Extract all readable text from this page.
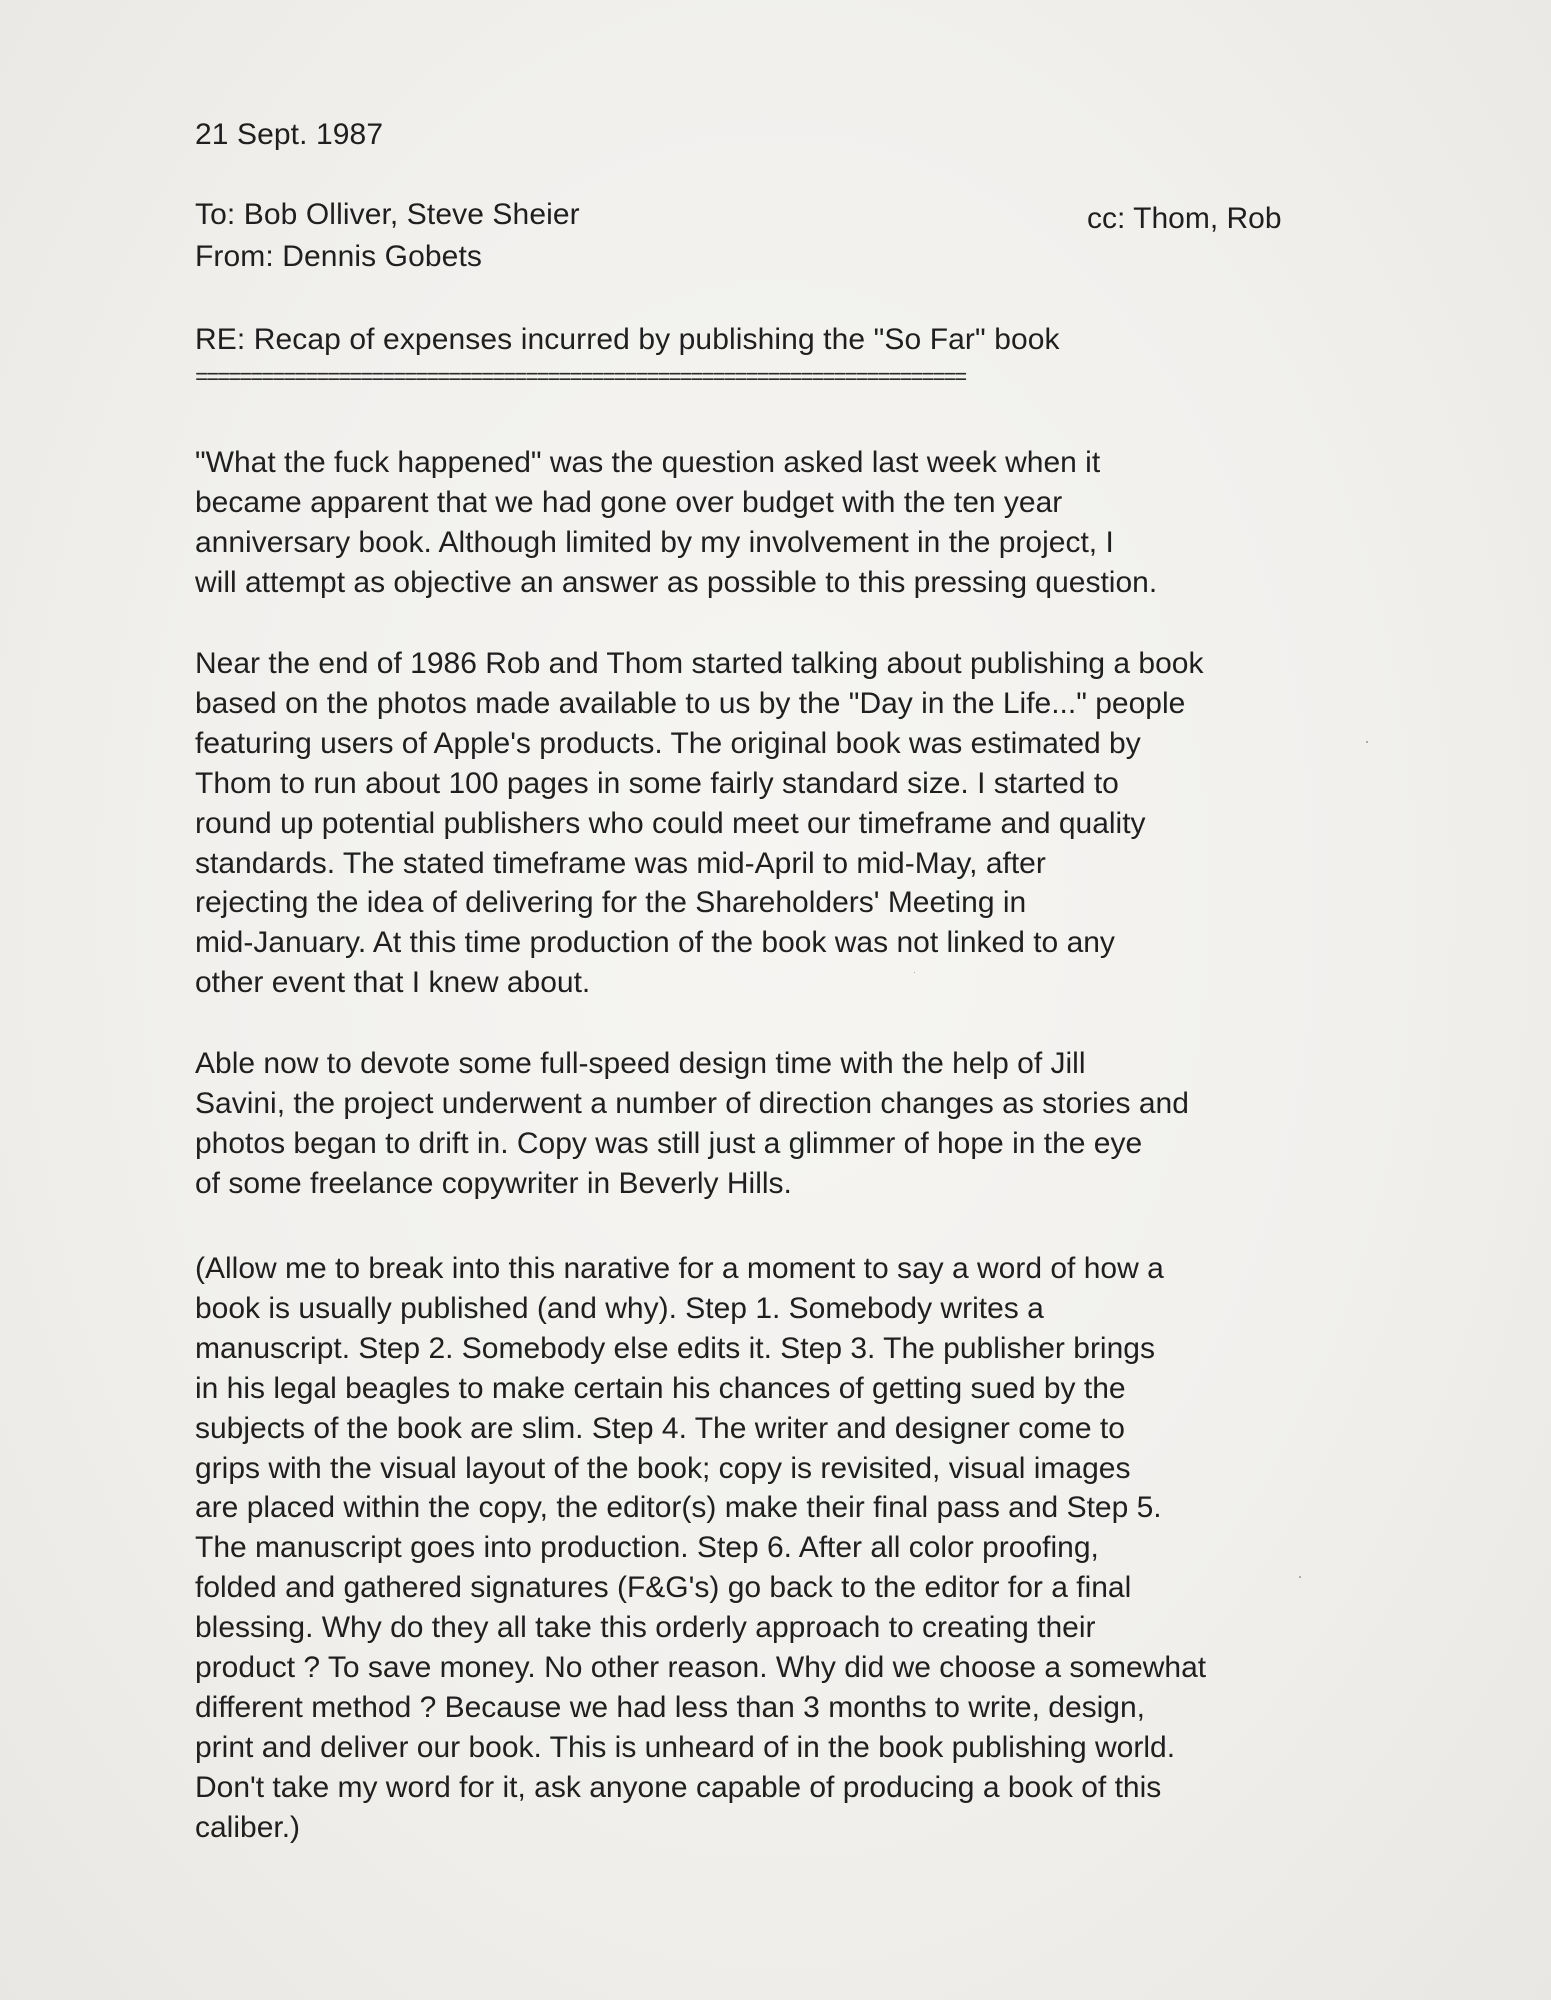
21 Sept. 1987
To: Bob Olliver, Steve Sheier	cc: Thom, Rob
From: Dennis Gobets
RE: Recap of expenses incurred by publishing the "So Far" book
======================================================================
"What the fuck happened" was the question asked last week when it
became apparent that we had gone over budget with the ten year
anniversary book. Although limited by my involvement in the project, I
will attempt as objective an answer as possible to this pressing question.
Near the end of 1986 Rob and Thom started talking about publishing a book
based on the photos made available to us by the "Day in the Life..." people
featuring users of Apple's products. The original book was estimated by
Thom to run about 100 pages in some fairly standard size. I started to
round up potential publishers who could meet our timeframe and quality
standards. The stated timeframe was mid-April to mid-May, after
rejecting the idea of delivering for the Shareholders' Meeting in
mid-January. At this time production of the book was not linked to any
other event that I knew about.
Able now to devote some full-speed design time with the help of Jill
Savini, the project underwent a number of direction changes as stories and
photos began to drift in. Copy was still just a glimmer of hope in the eye
of some freelance copywriter in Beverly Hills.
(Allow me to break into this narative for a moment to say a word of how a
book is usually published (and why). Step 1. Somebody writes a
manuscript. Step 2. Somebody else edits it. Step 3. The publisher brings
in his legal beagles to make certain his chances of getting sued by the
subjects of the book are slim. Step 4. The writer and designer come to
grips with the visual layout of the book; copy is revisited, visual images
are placed within the copy, the editor(s) make their final pass and Step 5.
The manuscript goes into production. Step 6. After all color proofing,
folded and gathered signatures (F&G's) go back to the editor for a final
blessing. Why do they all take this orderly approach to creating their
product ? To save money. No other reason. Why did we choose a somewhat
different method ? Because we had less than 3 months to write, design,
print and deliver our book. This is unheard of in the book publishing world.
Don't take my word for it, ask anyone capable of producing a book of this
caliber.)
